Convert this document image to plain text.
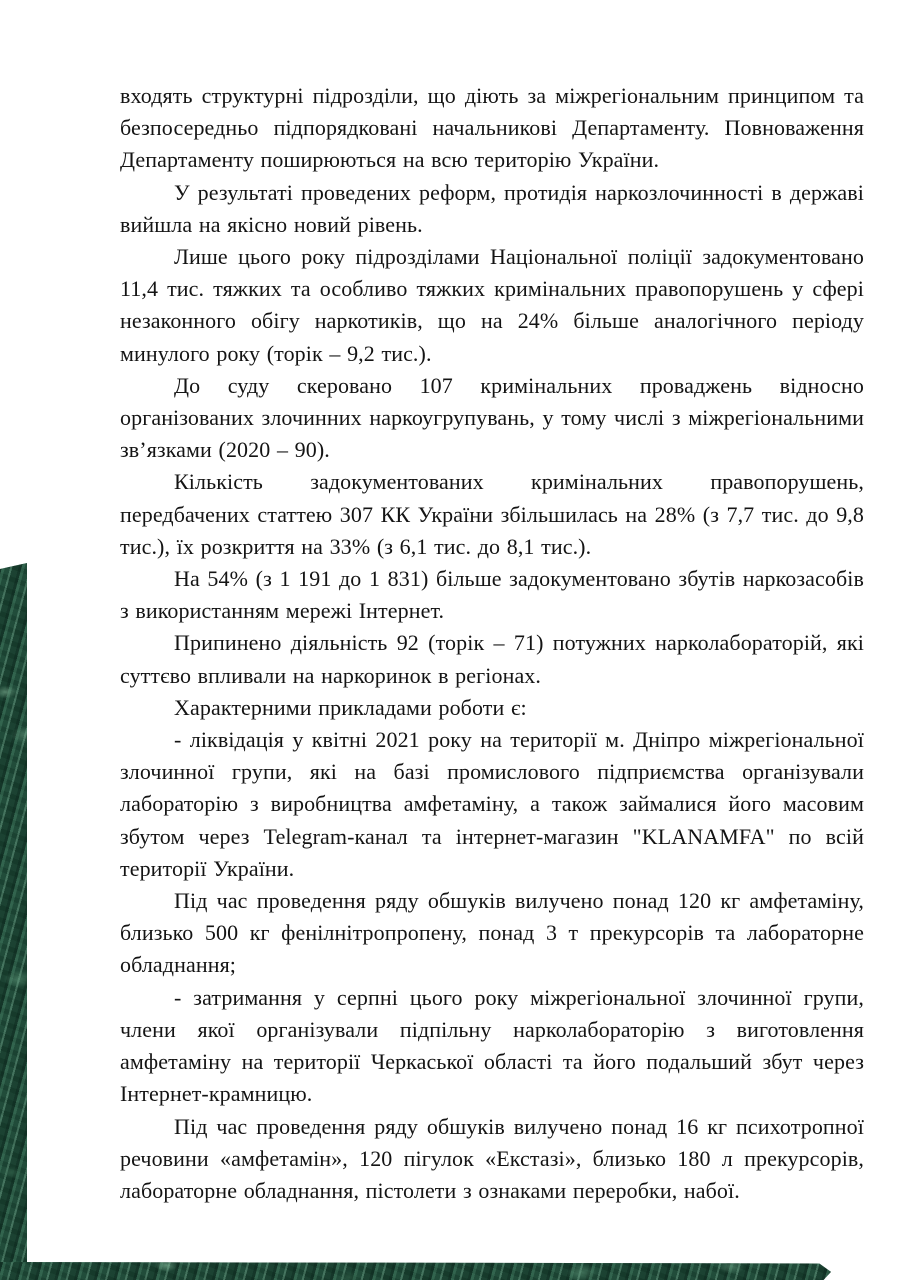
входять структурні підрозділи, що діють за міжрегіональним принципом та безпосередньо підпорядковані начальникові Департаменту. Повноваження Департаменту поширюються на всю територію України.

У результаті проведених реформ, протидія наркозлочинності в державі вийшла на якісно новий рівень.

Лише цього року підрозділами Національної поліції задокументовано 11,4 тис. тяжких та особливо тяжких кримінальних правопорушень у сфері незаконного обігу наркотиків, що на 24% більше аналогічного періоду минулого року (торік – 9,2 тис.).

До суду скеровано 107 кримінальних проваджень відносно організованих злочинних наркоугрупувань, у тому числі з міжрегіональними зв’язками (2020 – 90).

Кількість задокументованих кримінальних правопорушень, передбачених статтею 307 КК України збільшилась на 28% (з 7,7 тис. до 9,8 тис.), їх розкриття на 33% (з 6,1 тис. до 8,1 тис.).

На 54% (з 1 191 до 1 831) більше задокументовано збутів наркозасобів з використанням мережі Інтернет.

Припинено діяльність 92 (торік – 71) потужних нарколабораторій, які суттєво впливали на наркоринок в регіонах.

Характерними прикладами роботи є:

- ліквідація у квітні 2021 року на території м. Дніпро міжрегіональної злочинної групи, які на базі промислового підприємства організували лабораторію з виробництва амфетаміну, а також займалися його масовим збутом через Telegram-канал та інтернет-магазин "KLANAMFA" по всій території України.

Під час проведення ряду обшуків вилучено понад 120 кг амфетаміну, близько 500 кг фенілнітропропену, понад 3 т прекурсорів та лабораторне обладнання;

- затримання у серпні цього року міжрегіональної злочинної групи, члени якої організували підпільну нарколабораторію з виготовлення амфетаміну на території Черкаської області та його подальший збут через Інтернет-крамницю.

Під час проведення ряду обшуків вилучено понад 16 кг психотропної речовини «амфетамін», 120 пігулок «Екстазі», близько 180 л прекурсорів, лабораторне обладнання, пістолети з ознаками переробки, набої.
